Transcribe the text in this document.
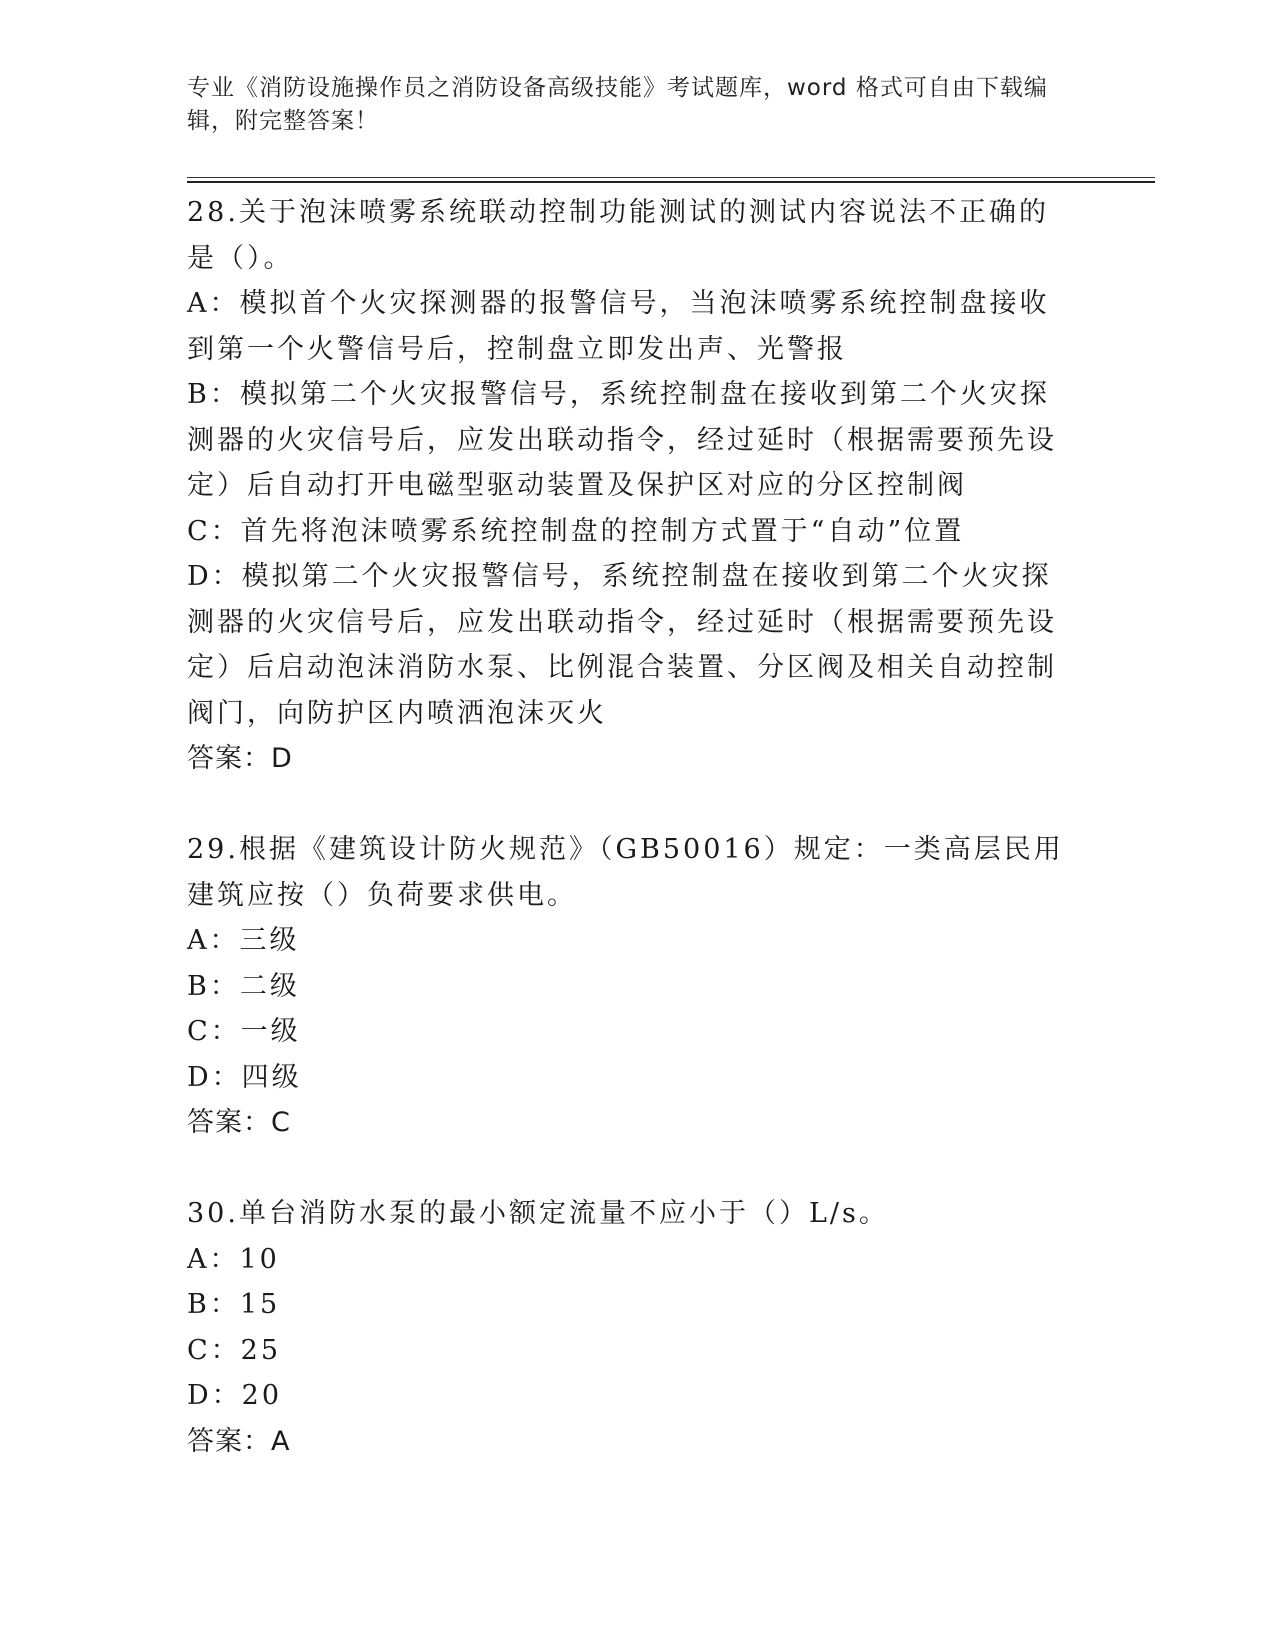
专业《消防设施操作员之消防设备高级技能》考试题库，word 格式可自由下载编辑，附完整答案！

28.关于泡沫喷雾系统联动控制功能测试的测试内容说法不正确的是（）。

A：模拟首个火灾探测器的报警信号，当泡沫喷雾系统控制盘接收到第一个火警信号后，控制盘立即发出声、光警报

B：模拟第二个火灾报警信号，系统控制盘在接收到第二个火灾探测器的火灾信号后，应发出联动指令，经过延时（根据需要预先设定）后自动打开电磁型驱动装置及保护区对应的分区控制阀

C：首先将泡沫喷雾系统控制盘的控制方式置于“自动”位置

D：模拟第二个火灾报警信号，系统控制盘在接收到第二个火灾探测器的火灾信号后，应发出联动指令，经过延时（根据需要预先设定）后启动泡沫消防水泵、比例混合装置、分区阀及相关自动控制阀门，向防护区内喷洒泡沫灭火

答案：D

29.根据《建筑设计防火规范》（GB50016）规定：一类高层民用建筑应按（）负荷要求供电。

A：三级

B：二级

C：一级

D：四级

答案：C

30.单台消防水泵的最小额定流量不应小于（）L/s。

A：10

B：15

C：25

D：20

答案：A
